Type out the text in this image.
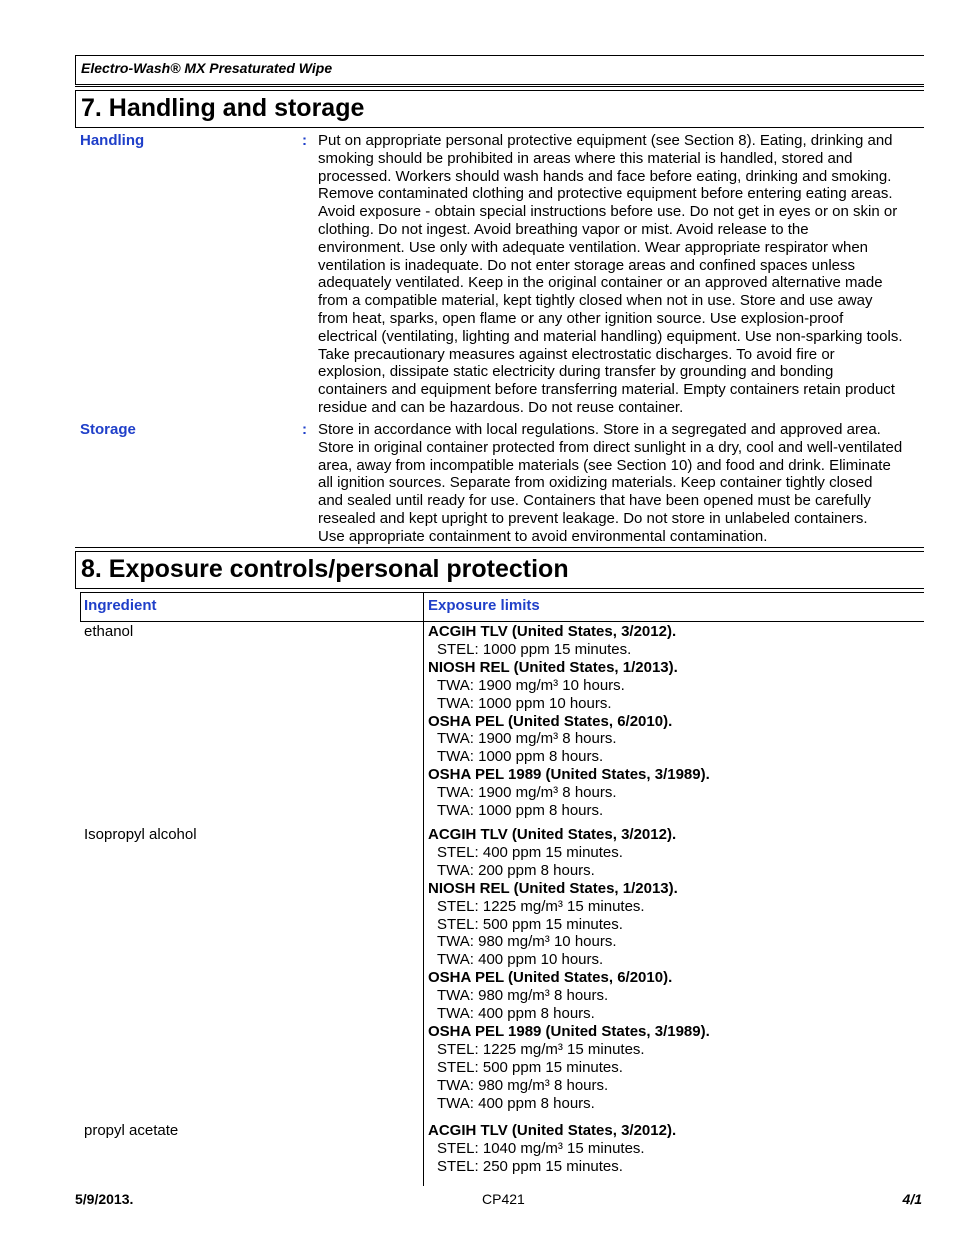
Electro-Wash® MX Presaturated Wipe
7. Handling and storage
Handling	: Put on appropriate personal protective equipment (see Section 8). Eating, drinking and
smoking should be prohibited in areas where this material is handled, stored and
processed. Workers should wash hands and face before eating, drinking and smoking.
Remove contaminated clothing and protective equipment before entering eating areas.
Avoid exposure - obtain special instructions before use. Do not get in eyes or on skin or
clothing. Do not ingest. Avoid breathing vapor or mist. Avoid release to the
environment. Use only with adequate ventilation. Wear appropriate respirator when
ventilation is inadequate. Do not enter storage areas and confined spaces unless
adequately ventilated. Keep in the original container or an approved alternative made
from a compatible material, kept tightly closed when not in use. Store and use away
from heat, sparks, open flame or any other ignition source. Use explosion-proof
electrical (ventilating, lighting and material handling) equipment. Use non-sparking tools.
Take precautionary measures against electrostatic discharges. To avoid fire or
explosion, dissipate static electricity during transfer by grounding and bonding
containers and equipment before transferring material. Empty containers retain product
residue and can be hazardous. Do not reuse container.
Storage	: Store in accordance with local regulations. Store in a segregated and approved area.
Store in original container protected from direct sunlight in a dry, cool and well-ventilated
area, away from incompatible materials (see Section 10) and food and drink. Eliminate
all ignition sources. Separate from oxidizing materials. Keep container tightly closed
and sealed until ready for use. Containers that have been opened must be carefully
resealed and kept upright to prevent leakage. Do not store in unlabeled containers.
Use appropriate containment to avoid environmental contamination.
8. Exposure controls/personal protection
Ingredient	Exposure limits
ethanol	ACGIH TLV (United States, 3/2012).
STEL: 1000 ppm 15 minutes.
NIOSH REL (United States, 1/2013).
TWA: 1900 mg/m³ 10 hours.
TWA: 1000 ppm 10 hours.
OSHA PEL (United States, 6/2010).
TWA: 1900 mg/m³ 8 hours.
TWA: 1000 ppm 8 hours.
OSHA PEL 1989 (United States, 3/1989).
TWA: 1900 mg/m³ 8 hours.
TWA: 1000 ppm 8 hours.
Isopropyl alcohol	ACGIH TLV (United States, 3/2012).
STEL: 400 ppm 15 minutes.
TWA: 200 ppm 8 hours.
NIOSH REL (United States, 1/2013).
STEL: 1225 mg/m³ 15 minutes.
STEL: 500 ppm 15 minutes.
TWA: 980 mg/m³ 10 hours.
TWA: 400 ppm 10 hours.
OSHA PEL (United States, 6/2010).
TWA: 980 mg/m³ 8 hours.
TWA: 400 ppm 8 hours.
OSHA PEL 1989 (United States, 3/1989).
STEL: 1225 mg/m³ 15 minutes.
STEL: 500 ppm 15 minutes.
TWA: 980 mg/m³ 8 hours.
TWA: 400 ppm 8 hours.
propyl acetate	ACGIH TLV (United States, 3/2012).
STEL: 1040 mg/m³ 15 minutes.
STEL: 250 ppm 15 minutes.
5/9/2013.	CP421	4/1
